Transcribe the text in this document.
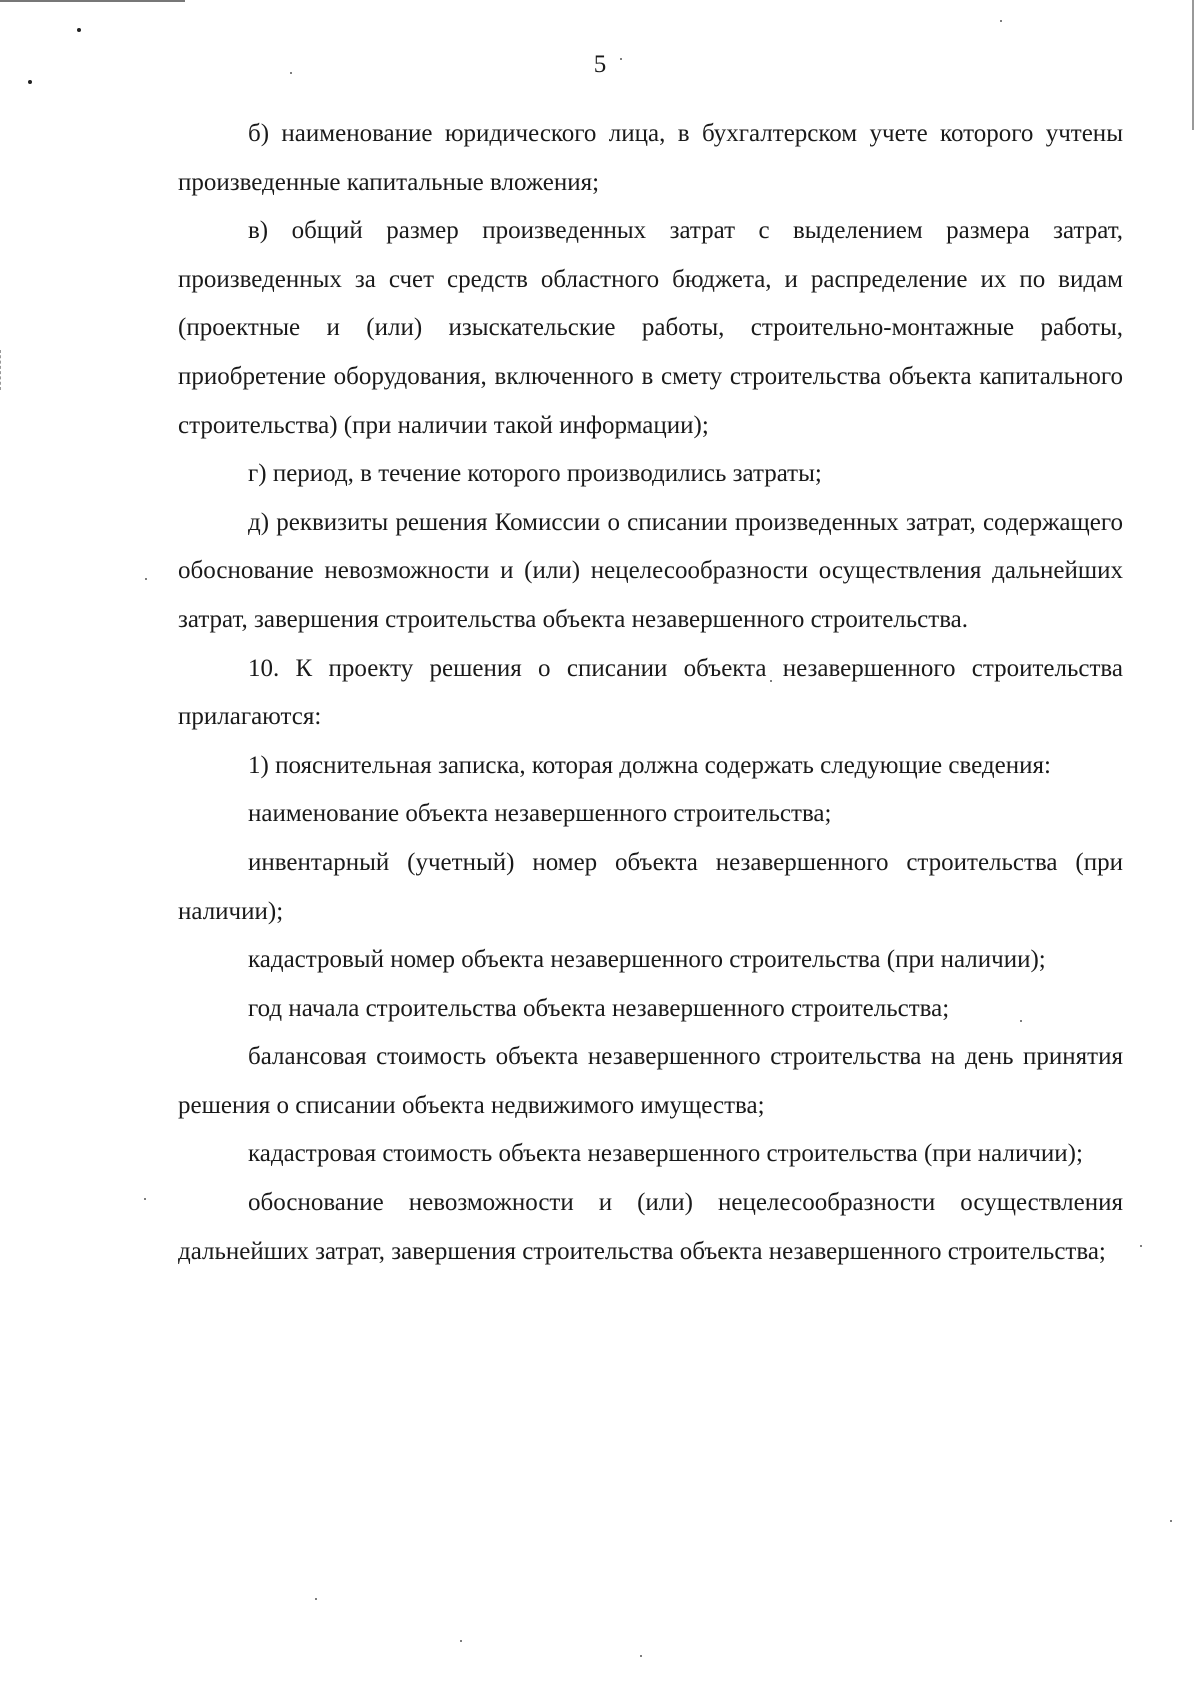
5

б) наименование юридического лица, в бухгалтерском учете которого учтены произведенные капитальные вложения;

в) общий размер произведенных затрат с выделением размера затрат, произведенных за счет средств областного бюджета, и распределение их по видам (проектные и (или) изыскательские работы, строительно-монтажные работы, приобретение оборудования, включенного в смету строительства объекта капитального строительства) (при наличии такой информации);

г) период, в течение которого производились затраты;

д) реквизиты решения Комиссии о списании произведенных затрат, содержащего обоснование невозможности и (или) нецелесообразности осуществления дальнейших затрат, завершения строительства объекта незавершенного строительства.

10. К проекту решения о списании объекта незавершенного строительства прилагаются:

1) пояснительная записка, которая должна содержать следующие сведения:

наименование объекта незавершенного строительства;

инвентарный (учетный) номер объекта незавершенного строительства (при наличии);

кадастровый номер объекта незавершенного строительства (при наличии);

год начала строительства объекта незавершенного строительства;

балансовая стоимость объекта незавершенного строительства на день принятия решения о списании объекта недвижимого имущества;

кадастровая стоимость объекта незавершенного строительства (при наличии);

обоснование невозможности и (или) нецелесообразности осуществления дальнейших затрат, завершения строительства объекта незавершенного строительства;
